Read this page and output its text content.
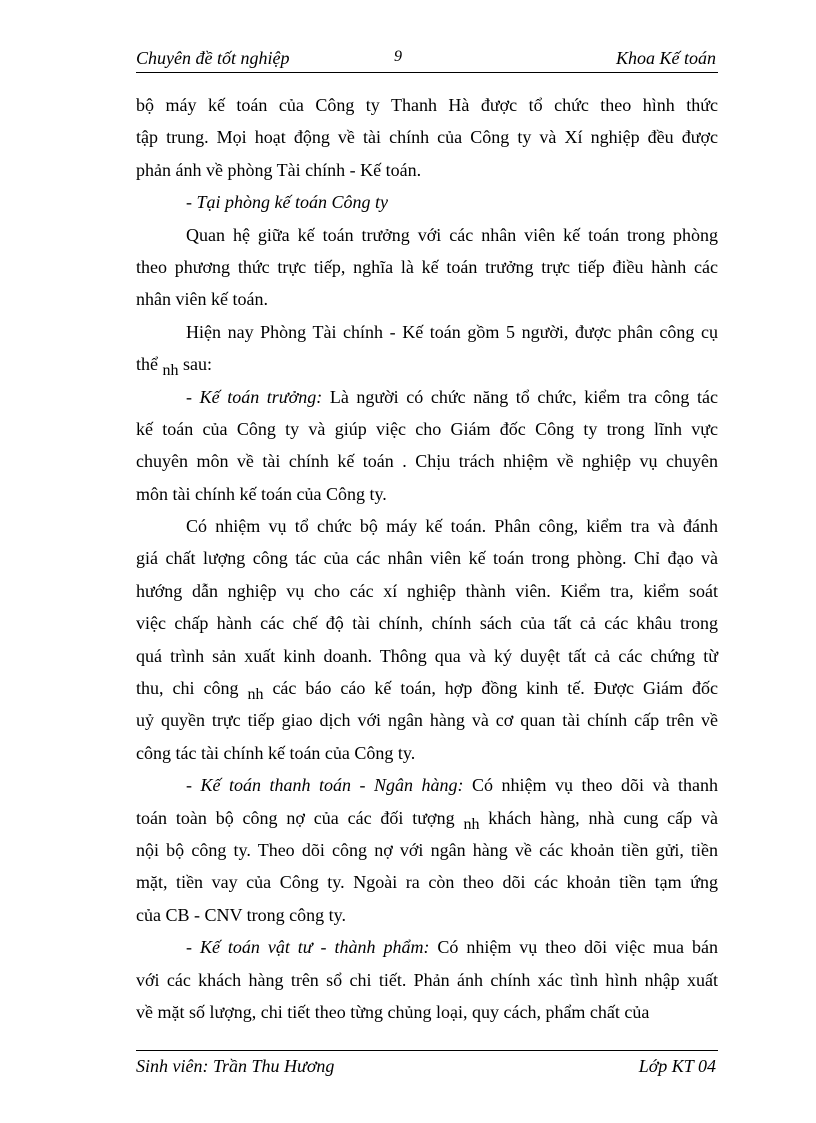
Chuyên đề tốt nghiệp	9	Khoa Kế toán
bộ máy kế toán của Công ty Thanh Hà được tổ chức theo hình thức
tập trung. Mọi hoạt động về tài chính của Công ty và Xí nghiệp đều được
phản ánh về phòng Tài chính - Kế toán.
- Tại phòng kế toán Công ty
Quan hệ giữa kế toán trưởng với các nhân viên kế toán trong phòng
theo phương thức trực tiếp, nghĩa là kế toán trưởng trực tiếp điều hành các
nhân viên kế toán.
Hiện nay Phòng Tài chính - Kế toán gồm 5 người, được phân công cụ
thể nh sau:
- Kế toán trưởng: Là người có chức năng tổ chức, kiểm tra công tác
kế toán của Công ty và giúp việc cho Giám đốc Công ty trong lĩnh vực
chuyên môn về tài chính kế toán . Chịu trách nhiệm về nghiệp vụ chuyên
môn tài chính kế toán của Công ty.
Có nhiệm vụ tổ chức bộ máy kế toán. Phân công, kiểm tra và đánh
giá chất lượng công tác của các nhân viên kế toán trong phòng. Chỉ đạo và
hướng dẫn nghiệp vụ cho các xí nghiệp thành viên. Kiểm tra, kiểm soát
việc chấp hành các chế độ tài chính, chính sách của tất cả các khâu trong
quá trình sản xuất kinh doanh. Thông qua và ký duyệt tất cả các chứng từ
thu, chi công nh các báo cáo kế toán, hợp đồng kinh tế. Được Giám đốc
uỷ quyền trực tiếp giao dịch với ngân hàng và cơ quan tài chính cấp trên về
công tác tài chính kế toán của Công ty.
- Kế toán thanh toán - Ngân hàng: Có nhiệm vụ theo dõi và thanh
toán toàn bộ công nợ của các đối tượng nh khách hàng, nhà cung cấp và
nội bộ công ty. Theo dõi công nợ với ngân hàng về các khoản tiền gửi, tiền
mặt, tiền vay của Công ty. Ngoài ra còn theo dõi các khoản tiền tạm ứng
của CB - CNV trong công ty.
- Kế toán vật tư - thành phẩm: Có nhiệm vụ theo dõi việc mua bán
với các khách hàng trên sổ chi tiết. Phản ánh chính xác tình hình nhập xuất
về mặt số lượng, chi tiết theo từng chủng loại, quy cách, phẩm chất của
Sinh viên: Trần Thu Hương	Lớp KT 04
